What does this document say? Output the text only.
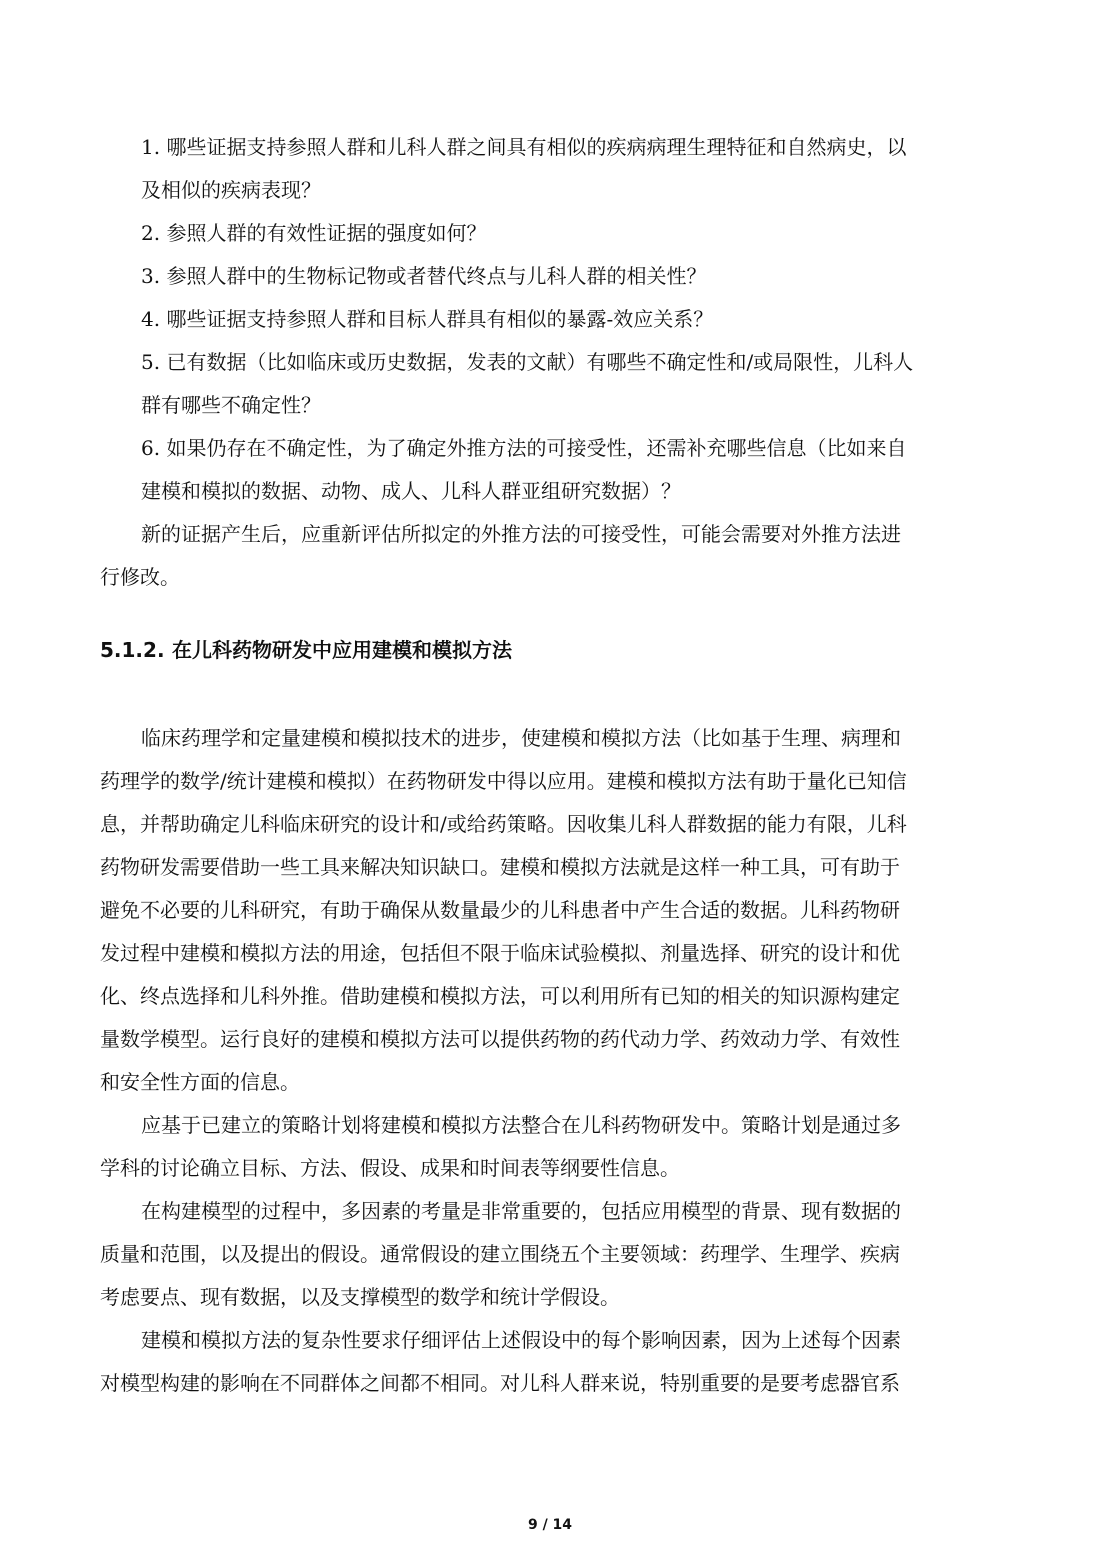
1. 哪些证据支持参照人群和儿科人群之间具有相似的疾病病理生理特征和自然病史，以
及相似的疾病表现？
2. 参照人群的有效性证据的强度如何？
3. 参照人群中的生物标记物或者替代终点与儿科人群的相关性？
4. 哪些证据支持参照人群和目标人群具有相似的暴露-效应关系？
5. 已有数据（比如临床或历史数据，发表的文献）有哪些不确定性和/或局限性，儿科人
群有哪些不确定性？
6. 如果仍存在不确定性，为了确定外推方法的可接受性，还需补充哪些信息（比如来自
建模和模拟的数据、动物、成人、儿科人群亚组研究数据）？
新的证据产生后，应重新评估所拟定的外推方法的可接受性，可能会需要对外推方法进
行修改。
5.1.2. 在儿科药物研发中应用建模和模拟方法
临床药理学和定量建模和模拟技术的进步，使建模和模拟方法（比如基于生理、病理和
药理学的数学/统计建模和模拟）在药物研发中得以应用。建模和模拟方法有助于量化已知信
息，并帮助确定儿科临床研究的设计和/或给药策略。因收集儿科人群数据的能力有限，儿科
药物研发需要借助一些工具来解决知识缺口。建模和模拟方法就是这样一种工具，可有助于
避免不必要的儿科研究，有助于确保从数量最少的儿科患者中产生合适的数据。儿科药物研
发过程中建模和模拟方法的用途，包括但不限于临床试验模拟、剂量选择、研究的设计和优
化、终点选择和儿科外推。借助建模和模拟方法，可以利用所有已知的相关的知识源构建定
量数学模型。运行良好的建模和模拟方法可以提供药物的药代动力学、药效动力学、有效性
和安全性方面的信息。
应基于已建立的策略计划将建模和模拟方法整合在儿科药物研发中。策略计划是通过多
学科的讨论确立目标、方法、假设、成果和时间表等纲要性信息。
在构建模型的过程中，多因素的考量是非常重要的，包括应用模型的背景、现有数据的
质量和范围，以及提出的假设。通常假设的建立围绕五个主要领域：药理学、生理学、疾病
考虑要点、现有数据，以及支撑模型的数学和统计学假设。
建模和模拟方法的复杂性要求仔细评估上述假设中的每个影响因素，因为上述每个因素
对模型构建的影响在不同群体之间都不相同。对儿科人群来说，特别重要的是要考虑器官系
9 / 14
